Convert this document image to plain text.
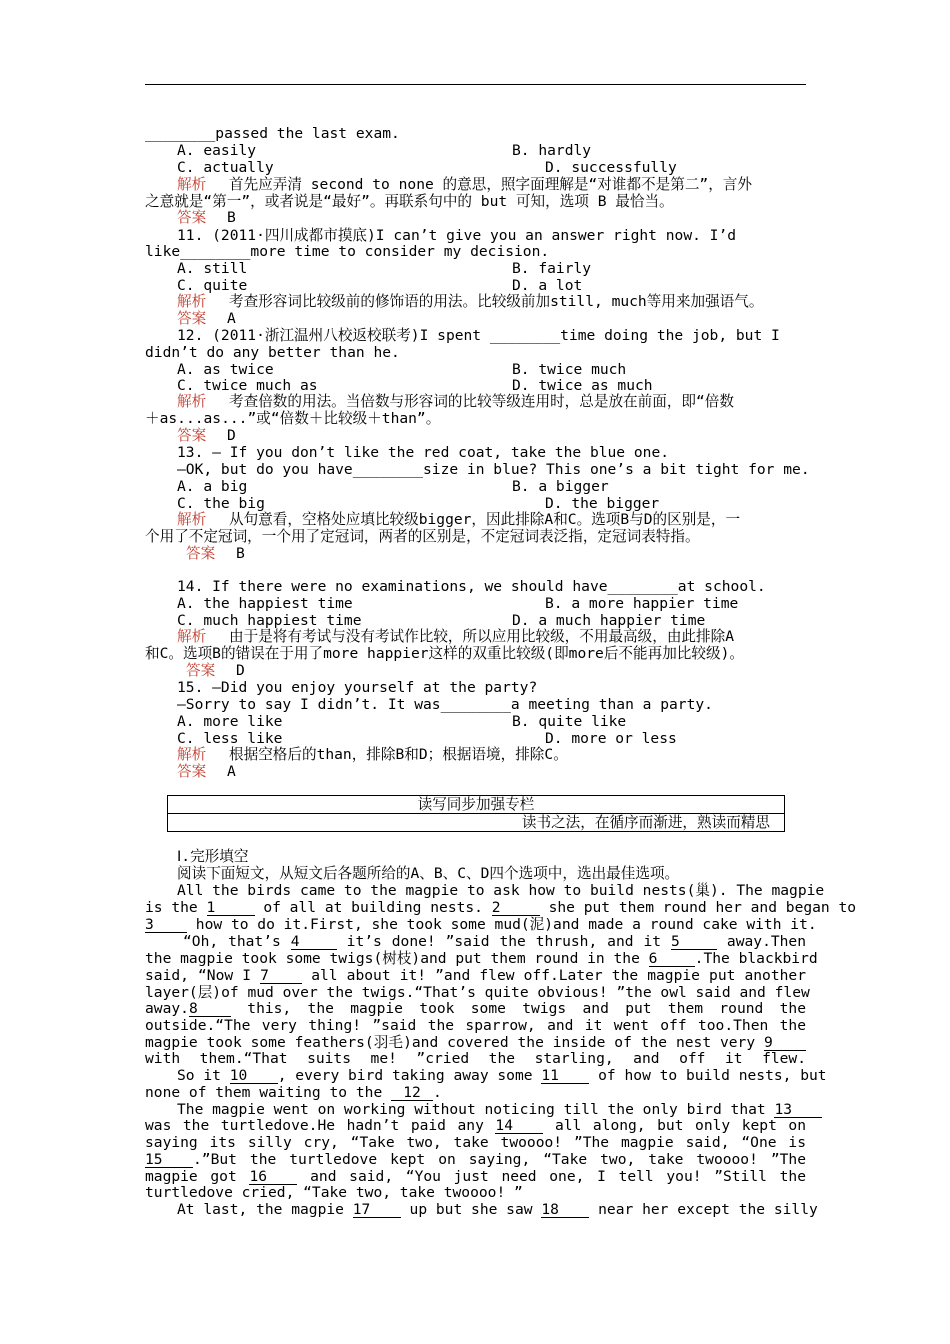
________passed the last exam.
A. easily	B. hardly
C. actually	D. successfully
解析 首先应弄清 second to none 的意思，照字面理解是“对谁都不是第二”，言外
之意就是“第一”，或者说是“最好”。再联系句中的 but 可知，选项 B 最恰当。
答案 B
11. (2011·四川成都市摸底)I can’t give you an answer right now. I’d
like________more time to consider my decision.
A. still	B. fairly
C. quite	D. a lot
解析 考查形容词比较级前的修饰语的用法。比较级前加still, much等用来加强语气。
答案 A
12. (2011·浙江温州八校返校联考)I spent ________time doing the job, but I
didn’t do any better than he.
A. as twice	B. twice much
C. twice much as	D. twice as much
解析 考查倍数的用法。当倍数与形容词的比较等级连用时，总是放在前面，即“倍数
＋as...as...”或“倍数＋比较级＋than”。
答案 D
13. — If you don’t like the red coat, take the blue one.
—OK, but do you have________size in blue? This one’s a bit tight for me.
A. a big	B. a bigger
C. the big	D. the bigger
解析 从句意看，空格处应填比较级bigger，因此排除A和C。选项B与D的区别是，一
个用了不定冠词，一个用了定冠词，两者的区别是，不定冠词表泛指，定冠词表特指。
答案 B
14. If there were no examinations, we should have________at school.
A. the happiest time	B. a more happier time
C. much happiest time	D. a much happier time
解析 由于是将有考试与没有考试作比较，所以应用比较级，不用最高级，由此排除A
和C。选项B的错误在于用了more happier这样的双重比较级(即more后不能再加比较级)。
答案 D
15. —Did you enjoy yourself at the party?
—Sorry to say I didn’t. It was________a meeting than a party.
A. more like	B. quite like
C. less like	D. more or less
解析 根据空格后的than，排除B和D；根据语境，排除C。
答案 A
读写同步加强专栏
读书之法，在循序而渐进，熟读而精思
Ⅰ.完形填空
阅读下面短文，从短文后各题所给的A、B、C、D四个选项中，选出最佳选项。
All the birds came to the magpie to ask how to build nests(巢). The magpie
is the 1	of all at building nests. 2	she put them round her and began to
3	how to do it.First, she took some mud(泥)and made a round cake with it.
“Oh, that’s 4	it’s done! ”said the thrush, and it 5	away.Then
the magpie took some twigs(树枝)and put them round in the 6	.The blackbird
said, “Now I 7	all about it! ”and flew off.Later the magpie put another
layer(层)of mud over the twigs.“That’s quite obvious! ”the owl said and flew
away.8	this, the magpie took some twigs and put them round the
outside.“The very thing! ”said the sparrow, and it went off too.Then the
magpie took some feathers(羽毛)and covered the inside of the nest very 9
with them.“That suits me! ”cried the starling, and off it flew.
So it 10 , every bird taking away some 11	of how to build nests, but
none of them waiting to the 12 .
The magpie went on working without noticing till the only bird that 13
was the turtledove.He hadn’t paid any 14	all along, but only kept on
saying its silly cry, “Take two, take twoooo! ”The magpie said, “One is
15 .”But the turtledove kept on saying, “Take two, take twoooo! ”The
magpie got 16	and said, “You just need one, I tell you! ”Still the
turtledove cried, “Take two, take twoooo! ”
At last, the magpie 17	up but she saw 18	near her except the silly
